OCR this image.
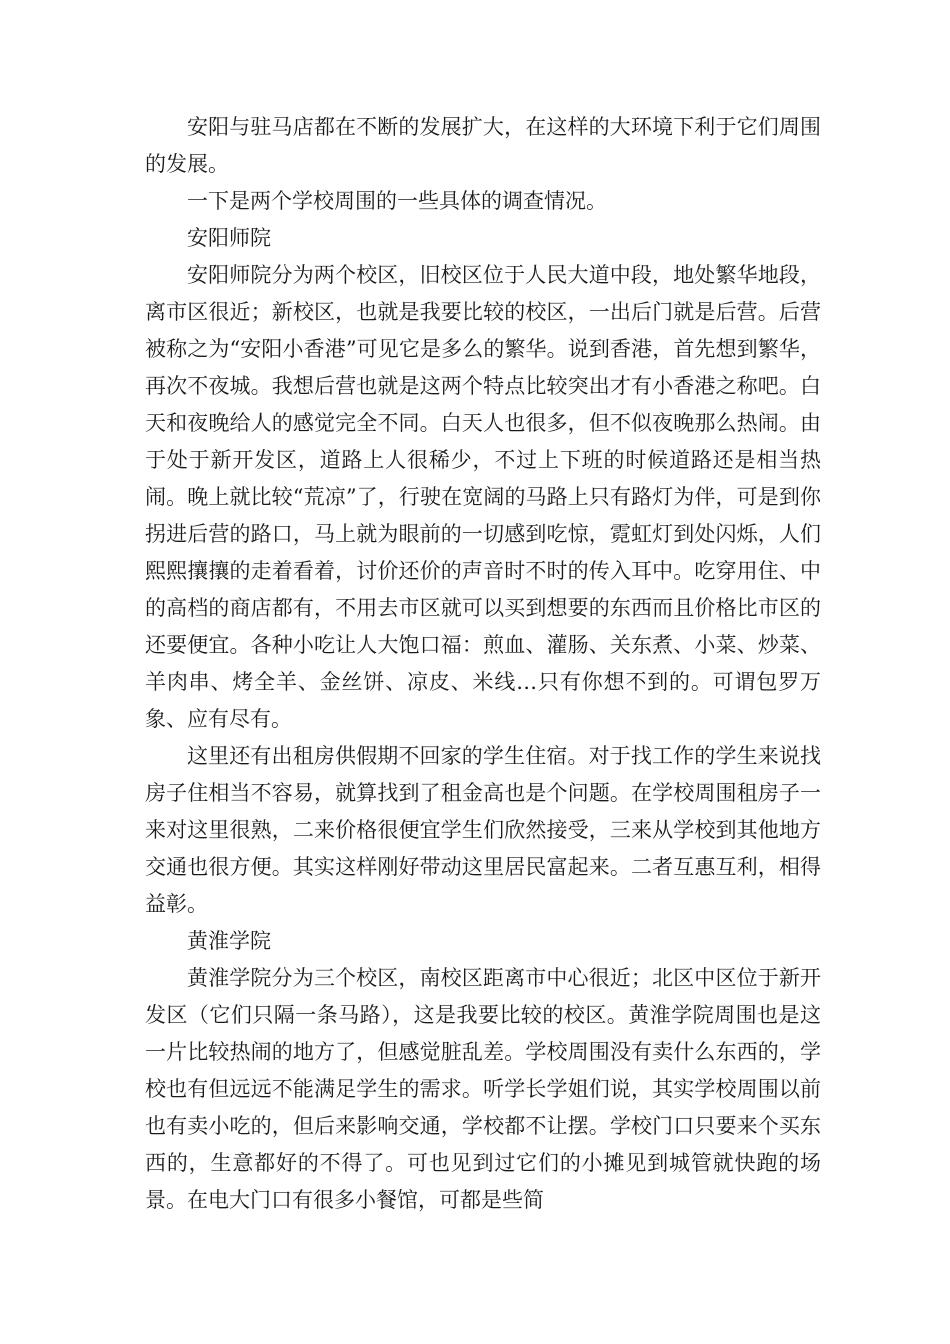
安阳与驻马店都在不断的发展扩大，在这样的大环境下利于它们周围的发展。

一下是两个学校周围的一些具体的调查情况。

安阳师院

安阳师院分为两个校区，旧校区位于人民大道中段，地处繁华地段，离市区很近；新校区，也就是我要比较的校区，一出后门就是后营。后营被称之为“安阳小香港”可见它是多么的繁华。说到香港，首先想到繁华，再次不夜城。我想后营也就是这两个特点比较突出才有小香港之称吧。白天和夜晚给人的感觉完全不同。白天人也很多，但不似夜晚那么热闹。由于处于新开发区，道路上人很稀少，不过上下班的时候道路还是相当热闹。晚上就比较“荒凉”了，行驶在宽阔的马路上只有路灯为伴，可是到你拐进后营的路口，马上就为眼前的一切感到吃惊，霓虹灯到处闪烁，人们熙熙攘攘的走着看着，讨价还价的声音时不时的传入耳中。吃穿用住、中的高档的商店都有，不用去市区就可以买到想要的东西而且价格比市区的还要便宜。各种小吃让人大饱口福：煎血、灌肠、关东煮、小菜、炒菜、羊肉串、烤全羊、金丝饼、凉皮、米线…只有你想不到的。可谓包罗万象、应有尽有。

这里还有出租房供假期不回家的学生住宿。对于找工作的学生来说找房子住相当不容易，就算找到了租金高也是个问题。在学校周围租房子一来对这里很熟，二来价格很便宜学生们欣然接受，三来从学校到其他地方交通也很方便。其实这样刚好带动这里居民富起来。二者互惠互利，相得益彰。

黄淮学院

黄淮学院分为三个校区，南校区距离市中心很近；北区中区位于新开发区（它们只隔一条马路），这是我要比较的校区。黄淮学院周围也是这一片比较热闹的地方了，但感觉脏乱差。学校周围没有卖什么东西的，学校也有但远远不能满足学生的需求。听学长学姐们说，其实学校周围以前也有卖小吃的，但后来影响交通，学校都不让摆。学校门口只要来个买东西的，生意都好的不得了。可也见到过它们的小摊见到城管就快跑的场景。在电大门口有很多小餐馆，可都是些简
